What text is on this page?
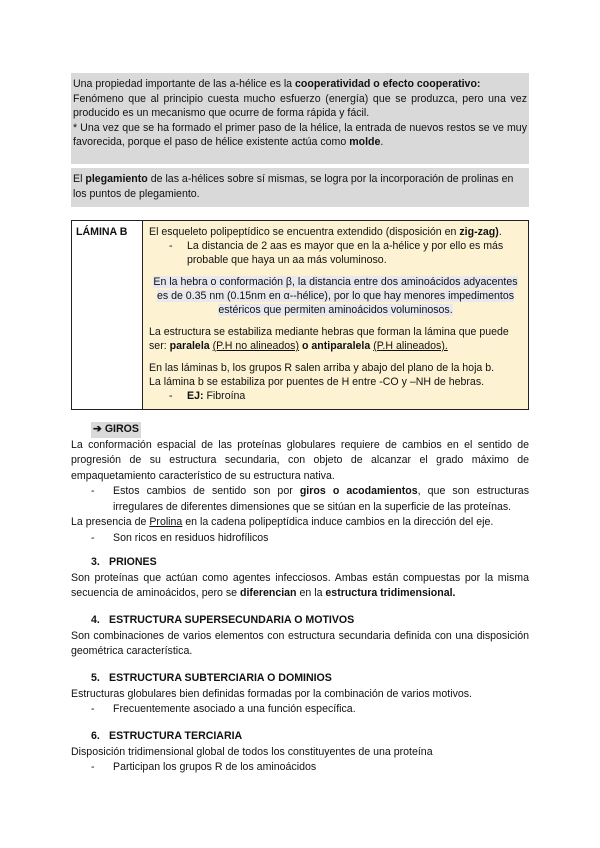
Una propiedad importante de las a-hélice es la cooperatividad o efecto cooperativo:

Fenómeno que al principio cuesta mucho esfuerzo (energía) que se produzca, pero una vez producido es un mecanismo que ocurre de forma rápida y fácil.

* Una vez que se ha formado el primer paso de la hélice, la entrada de nuevos restos se ve muy favorecida, porque el paso de hélice existente actúa como molde.

El plegamiento de las a-hélices sobre sí mismas, se logra por la incorporación de prolinas en los puntos de plegamiento.

LÁMINA B	El esqueleto polipeptídico se encuentra extendido (disposición en zig-zag).
-	La distancia de 2 aas es mayor que en la a-hélice y por ello es más probable que haya un aa más voluminoso.
En la hebra o conformación β, la distancia entre dos aminoácidos adyacentes es de 0.35 nm (0.15nm en α--hélice), por lo que hay menores impedimentos estéricos que permiten aminoácidos voluminosos.
La estructura se estabiliza mediante hebras que forman la lámina que puede ser: paralela (P.H no alineados) o antiparalela (P.H alineados).
En las láminas b, los grupos R salen arriba y abajo del plano de la hoja b.
La lámina b se estabiliza por puentes de H entre -CO y –NH de hebras.
-	EJ: Fibroína
➔ GIROS

La conformación espacial de las proteínas globulares requiere de cambios en el sentido de progresión de su estructura secundaria, con objeto de alcanzar el grado máximo de empaquetamiento característico de su estructura nativa.

-	Estos cambios de sentido son por giros o acodamientos, que son estructuras irregulares de diferentes dimensiones que se sitúan en la superficie de las proteínas.

La presencia de Prolina en la cadena polipeptídica induce cambios en la dirección del eje.

-	Son ricos en residuos hidrofílicos
3. PRIONES

Son proteínas que actúan como agentes infecciosos. Ambas están compuestas por la misma secuencia de aminoácidos, pero se diferencian en la estructura tridimensional.

4. ESTRUCTURA SUPERSECUNDARIA O MOTIVOS

Son combinaciones de varios elementos con estructura secundaria definida con una disposición geométrica característica.

5. ESTRUCTURA SUBTERCIARIA O DOMINIOS

Estructuras globulares bien definidas formadas por la combinación de varios motivos.

-	Frecuentemente asociado a una función específica.
6. ESTRUCTURA TERCIARIA

Disposición tridimensional global de todos los constituyentes de una proteína

-	Participan los grupos R de los aminoácidos
